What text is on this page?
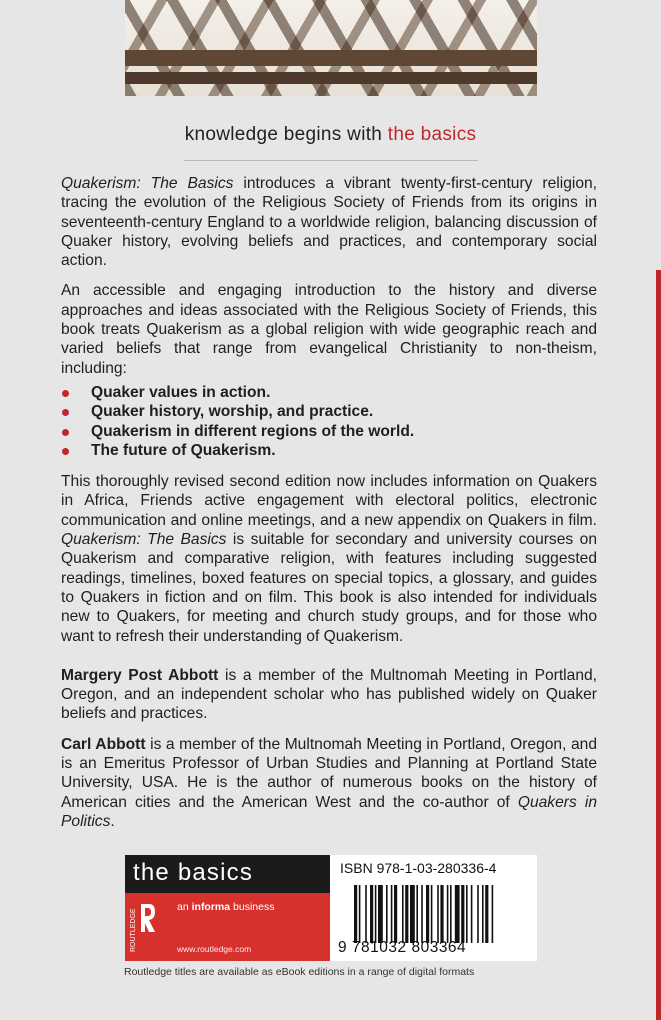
knowledge begins with the basics

Quakerism: The Basics introduces a vibrant twenty-first-century religion, tracing the evolution of the Religious Society of Friends from its origins in seventeenth-century England to a worldwide religion, balancing discussion of Quaker history, evolving beliefs and practices, and contemporary social action.

An accessible and engaging introduction to the history and diverse approaches and ideas associated with the Religious Society of Friends, this book treats Quakerism as a global religion with wide geographic reach and varied beliefs that range from evangelical Christianity to non-theism, including:

Quaker values in action.
Quaker history, worship, and practice.
Quakerism in different regions of the world.
The future of Quakerism.

This thoroughly revised second edition now includes information on Quakers in Africa, Friends active engagement with electoral politics, electronic communication and online meetings, and a new appendix on Quakers in film. Quakerism: The Basics is suitable for secondary and university courses on Quakerism and comparative religion, with features including suggested readings, timelines, boxed features on special topics, a glossary, and guides to Quakers in fiction and on film. This book is also intended for individuals new to Quakers, for meeting and church study groups, and for those who want to refresh their understanding of Quakerism.

Margery Post Abbott is a member of the Multnomah Meeting in Portland, Oregon, and an independent scholar who has published widely on Quaker beliefs and practices.

Carl Abbott is a member of the Multnomah Meeting in Portland, Oregon, and is an Emeritus Professor of Urban Studies and Planning at Portland State University, USA. He is the author of numerous books on the history of American cities and the American West and the co-author of Quakers in Politics.

the basics
ROUTLEDGE
an informa business
www.routledge.com
ISBN 978-1-03-280336-4
9 781032 803364
Routledge titles are available as eBook editions in a range of digital formats
